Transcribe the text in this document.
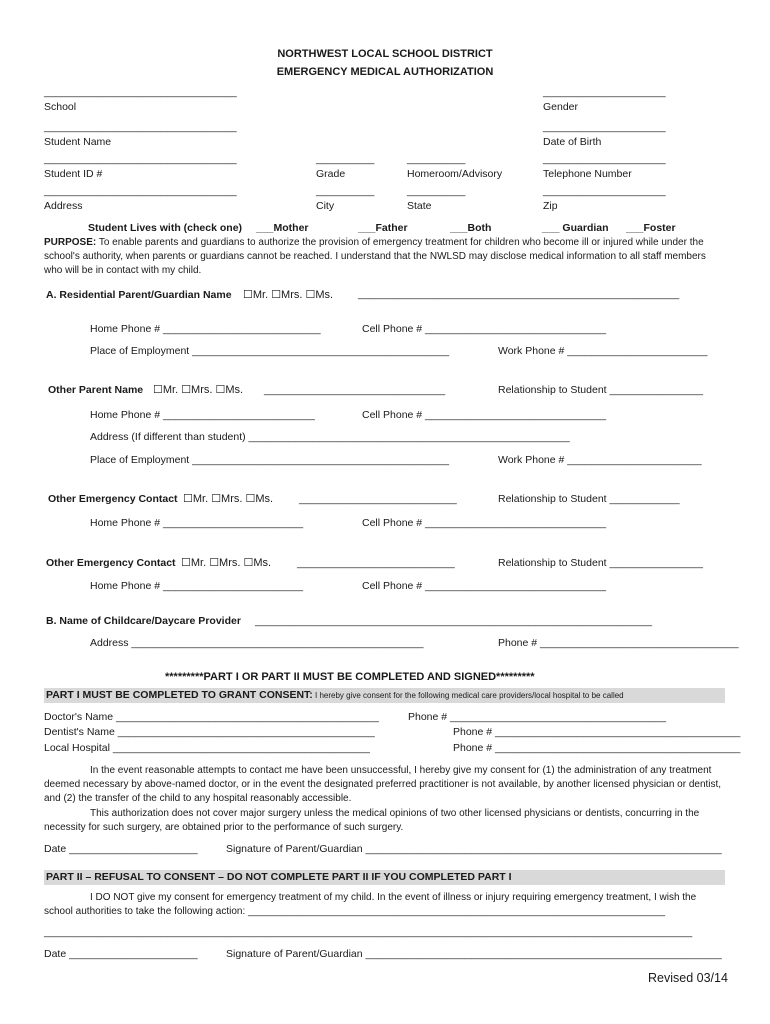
NORTHWEST LOCAL SCHOOL DISTRICT
EMERGENCY MEDICAL AUTHORIZATION
_________________________________	_____________________
School	Gender
_________________________________	_____________________
Student Name	Date of Birth
_________________________________	__________	__________	_____________________
Student ID #	Grade	Homeroom/Advisory	Telephone Number
_________________________________	__________	__________	_____________________
Address	City	State	Zip
Student Lives with (check one) ___Mother	___Father	___Both	___ Guardian ___Foster
PURPOSE: To enable parents and guardians to authorize the provision of emergency treatment for children who become ill or injured while under the school's authority, when parents or guardians cannot be reached. I understand that the NWLSD may disclose medical information to all staff members who will be in contact with my child.
A. Residential Parent/Guardian Name ☐Mr. ☐Mrs. ☐Ms. _______________________________________________________
Home Phone # ___________________________	Cell Phone # _______________________________
Place of Employment ____________________________________________	Work Phone # ________________________
Other Parent Name ☐Mr. ☐Mrs. ☐Ms. _______________________________	Relationship to Student ________________
Home Phone # __________________________	Cell Phone # _______________________________
Address (If different than student) _______________________________________________________
Place of Employment ____________________________________________	Work Phone # _______________________
Other Emergency Contact ☐Mr. ☐Mrs. ☐Ms. ___________________________	Relationship to Student ____________
Home Phone # ________________________	Cell Phone # _______________________________
Other Emergency Contact ☐Mr. ☐Mrs. ☐Ms. ___________________________	Relationship to Student ________________
Home Phone # ________________________	Cell Phone # _______________________________
B. Name of Childcare/Daycare Provider ____________________________________________________________________
Address __________________________________________________	Phone # __________________________________
*********PART I OR PART II MUST BE COMPLETED AND SIGNED*********
PART I MUST BE COMPLETED TO GRANT CONSENT: I hereby give consent for the following medical care providers/local hospital to be called
Doctor's Name _____________________________________________	Phone # _____________________________________
Dentist's Name ____________________________________________	Phone # __________________________________________
Local Hospital ____________________________________________	Phone # __________________________________________
In the event reasonable attempts to contact me have been unsuccessful, I hereby give my consent for (1) the administration of any treatment deemed necessary by above-named doctor, or in the event the designated preferred practitioner is not available, by another licensed physician or dentist, and (2) the transfer of the child to any hospital reasonably accessible.
This authorization does not cover major surgery unless the medical opinions of two other licensed physicians or dentists, concurring in the necessity for such surgery, are obtained prior to the performance of such surgery.
Date ______________________	Signature of Parent/Guardian _____________________________________________________________
PART II – REFUSAL TO CONSENT – DO NOT COMPLETE PART II IF YOU COMPLETED PART I
I DO NOT give my consent for emergency treatment of my child. In the event of illness or injury requiring emergency treatment, I wish the school authorities to take the following action: ___________________________________________________________________________
_______________________________________________________________________________________________________________
Date ______________________	Signature of Parent/Guardian _____________________________________________________________
Revised 03/14
